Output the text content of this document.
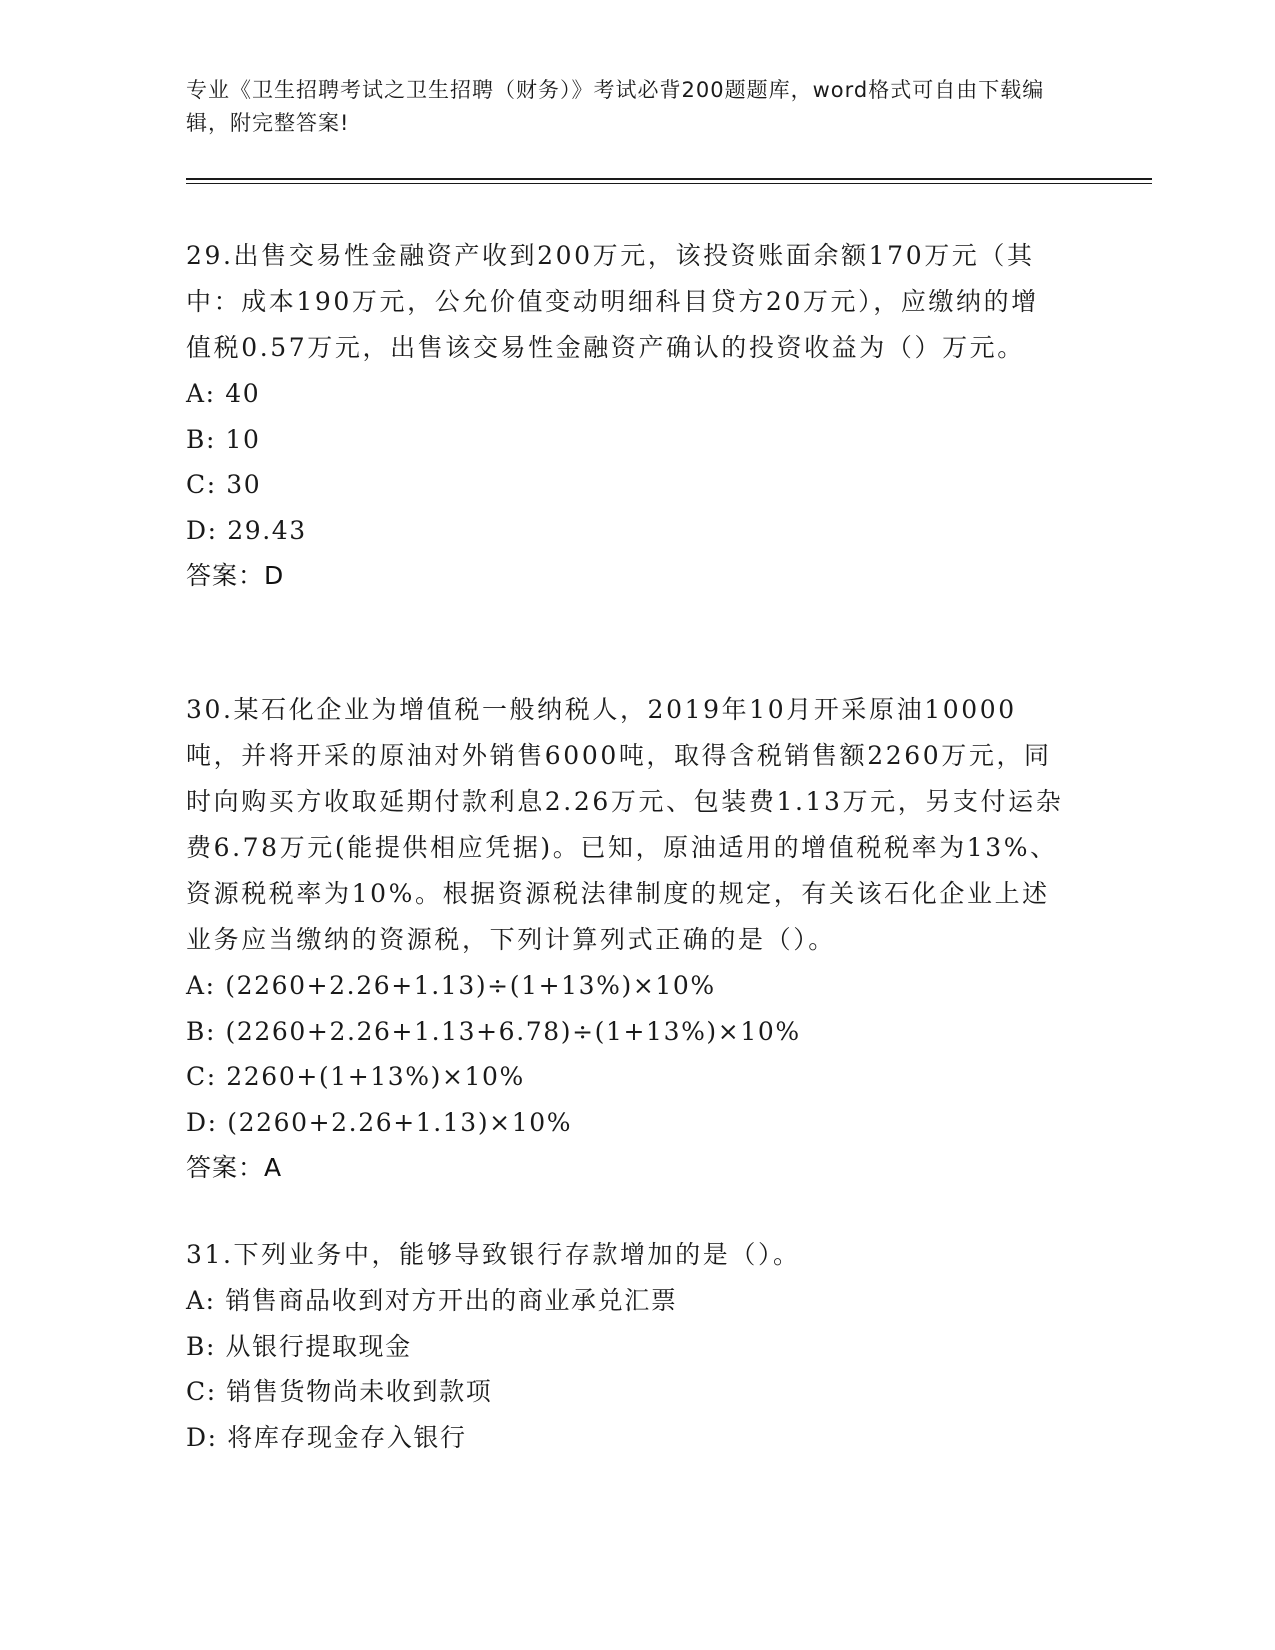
专业《卫生招聘考试之卫生招聘（财务）》考试必背200题题库，word格式可自由下载编辑，附完整答案!

29.出售交易性金融资产收到200万元，该投资账面余额170万元（其中：成本190万元，公允价值变动明细科目贷方20万元），应缴纳的增值税0.57万元，出售该交易性金融资产确认的投资收益为（）万元。

A: 40

B: 10

C: 30

D: 29.43

答案：D

30.某石化企业为增值税一般纳税人，2019年10月开采原油10000吨，并将开采的原油对外销售6000吨，取得含税销售额2260万元，同时向购买方收取延期付款利息2.26万元、包装费1.13万元，另支付运杂费6.78万元(能提供相应凭据)。已知，原油适用的增值税税率为13%、资源税税率为10%。根据资源税法律制度的规定，有关该石化企业上述业务应当缴纳的资源税，下列计算列式正确的是（）。

A: (2260+2.26+1.13)÷(1+13%)×10%

B: (2260+2.26+1.13+6.78)÷(1+13%)×10%

C: 2260+(1+13%)×10%

D: (2260+2.26+1.13)×10%

答案：A

31.下列业务中，能够导致银行存款增加的是（）。

A: 销售商品收到对方开出的商业承兑汇票

B: 从银行提取现金

C: 销售货物尚未收到款项

D: 将库存现金存入银行
